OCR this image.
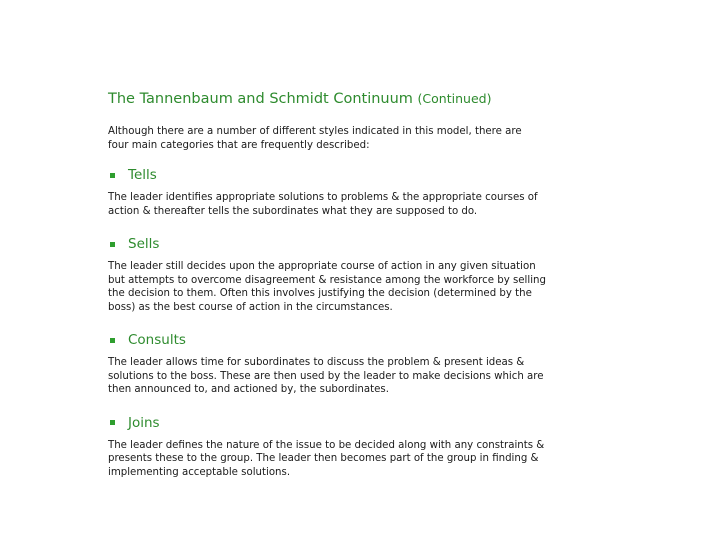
The Tannenbaum and Schmidt Continuum (Continued)

Although there are a number of different styles indicated in this model, there are
four main categories that are frequently described:

Tells

The leader identifies appropriate solutions to problems & the appropriate courses of
action & thereafter tells the subordinates what they are supposed to do.

Sells

The leader still decides upon the appropriate course of action in any given situation
but attempts to overcome disagreement & resistance among the workforce by selling
the decision to them. Often this involves justifying the decision (determined by the
boss) as the best course of action in the circumstances.

Consults

The leader allows time for subordinates to discuss the problem & present ideas &
solutions to the boss. These are then used by the leader to make decisions which are
then announced to, and actioned by, the subordinates.

Joins

The leader defines the nature of the issue to be decided along with any constraints &
presents these to the group. The leader then becomes part of the group in finding &
implementing acceptable solutions.
